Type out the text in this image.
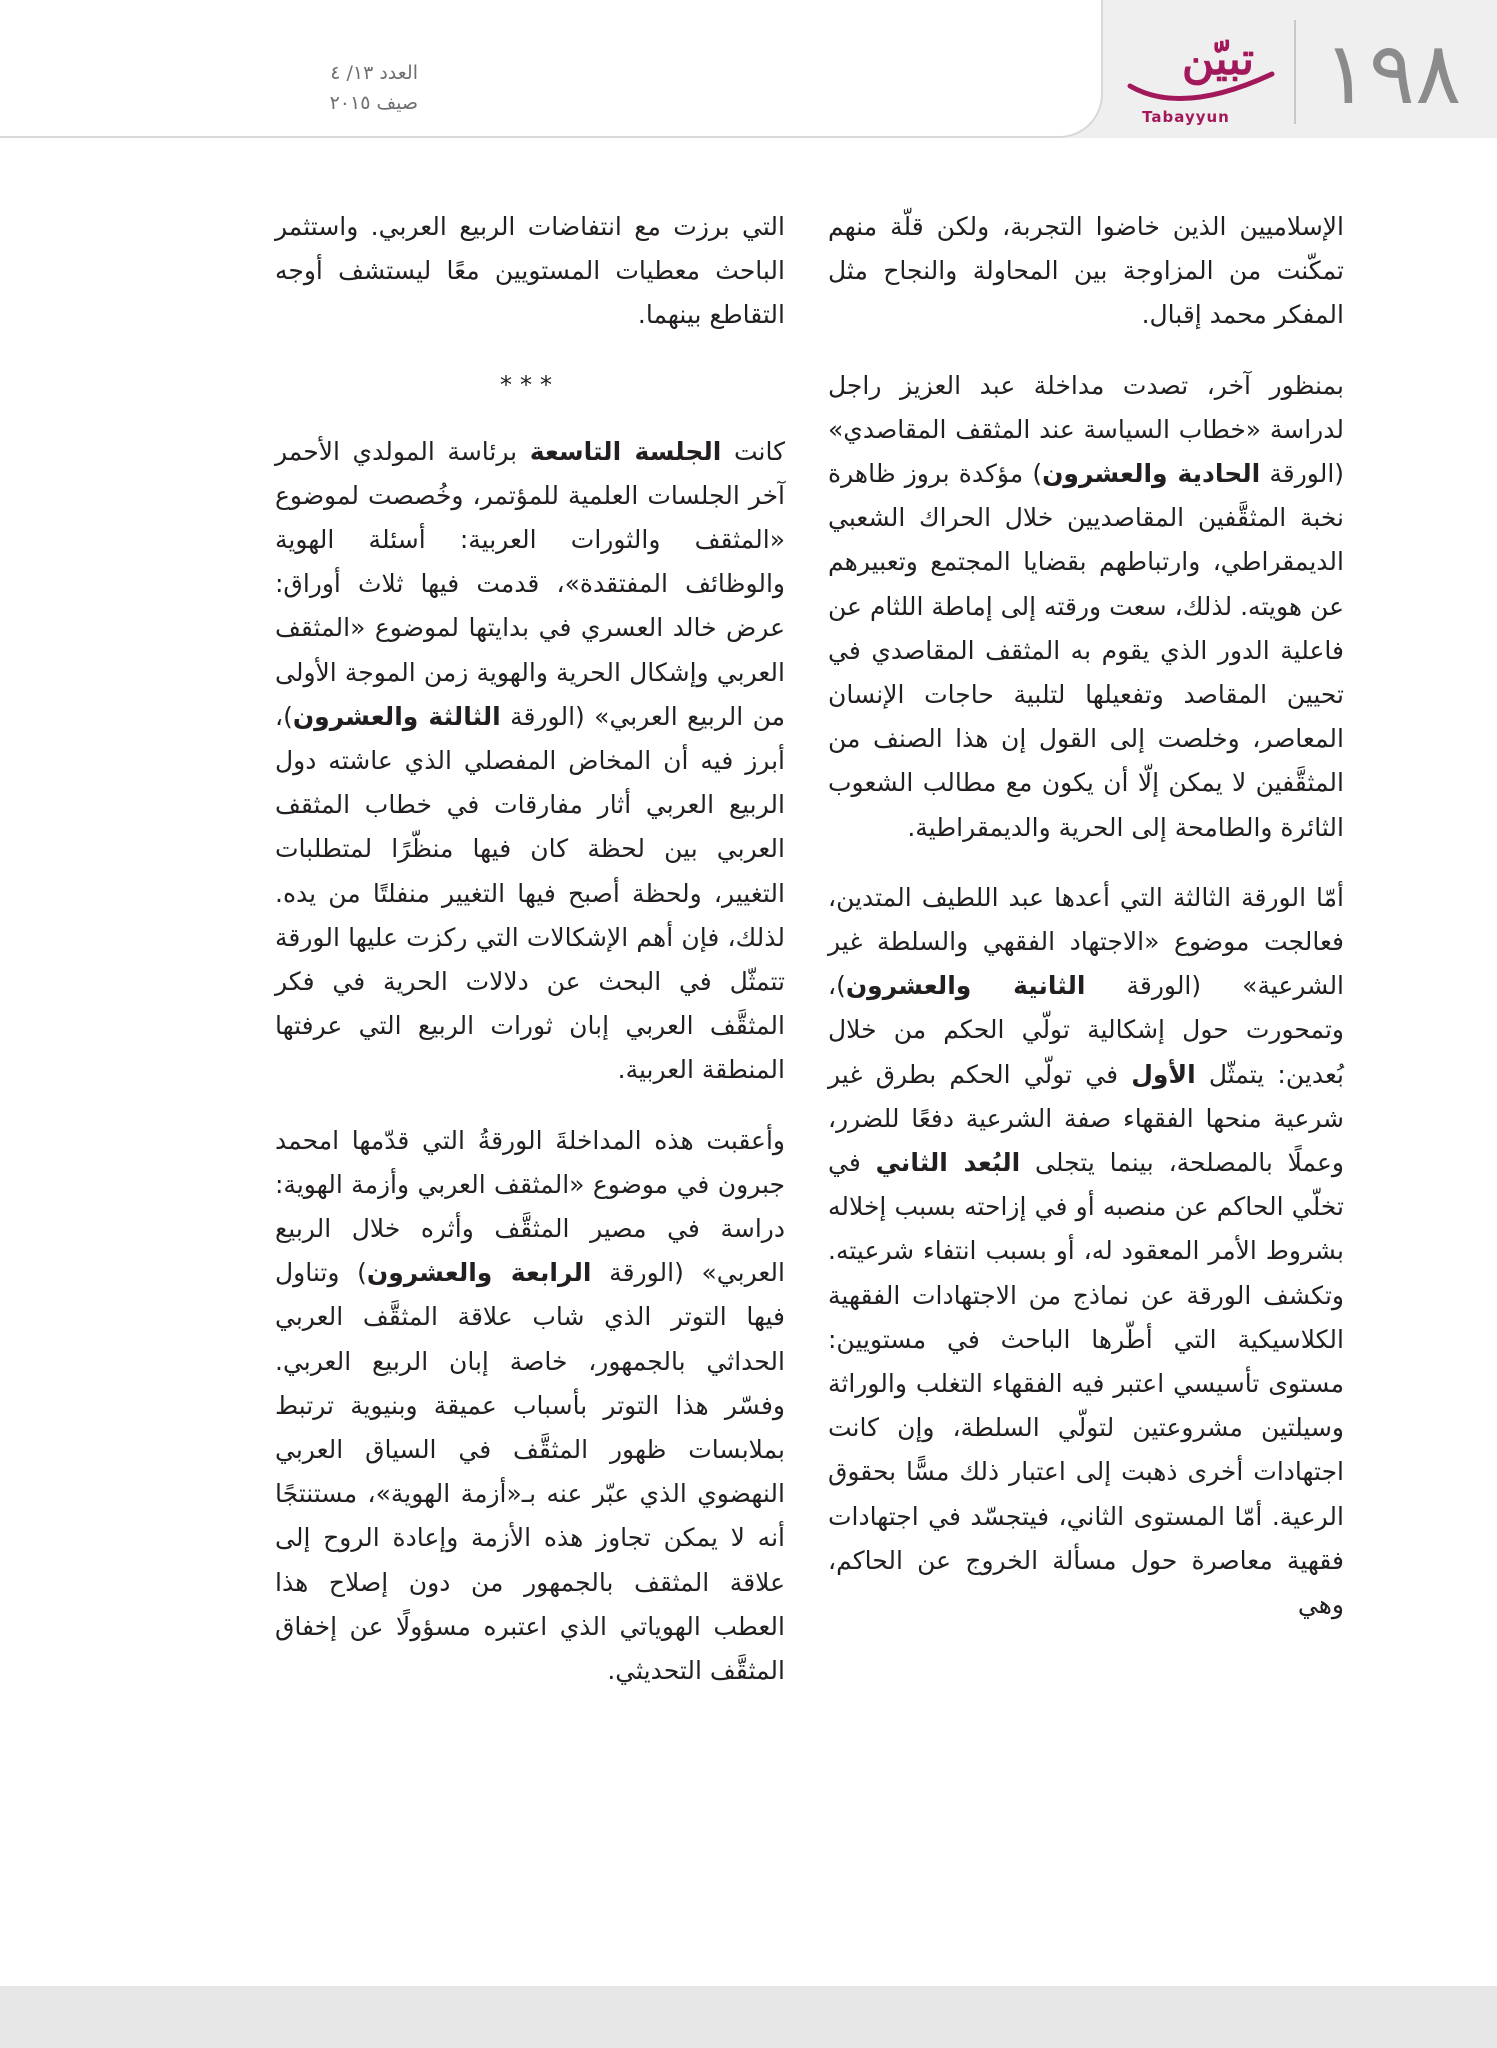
العدد ١٣/ ٤
صيف ٢٠١٥
تبيّن
Tabayyun ١٩٨

الإسلاميين الذين خاضوا التجربة، ولكن قلّة منهم تمكّنت من المزاوجة بين المحاولة والنجاح مثل المفكر محمد إقبال.

بمنظور آخر، تصدت مداخلة عبد العزيز راجل لدراسة «خطاب السياسة عند المثقف المقاصدي» (الورقة الحادية والعشرون) مؤكدة بروز ظاهرة نخبة المثقَّفين المقاصديين خلال الحراك الشعبي الديمقراطي، وارتباطهم بقضايا المجتمع وتعبيرهم عن هويته. لذلك، سعت ورقته إلى إماطة اللثام عن فاعلية الدور الذي يقوم به المثقف المقاصدي في تحيين المقاصد وتفعيلها لتلبية حاجات الإنسان المعاصر، وخلصت إلى القول إن هذا الصنف من المثقَّفين لا يمكن إلّا أن يكون مع مطالب الشعوب الثائرة والطامحة إلى الحرية والديمقراطية.

أمّا الورقة الثالثة التي أعدها عبد اللطيف المتدين، فعالجت موضوع «الاجتهاد الفقهي والسلطة غير الشرعية» (الورقة الثانية والعشرون)، وتمحورت حول إشكالية تولّي الحكم من خلال بُعدين: يتمثّل الأول في تولّي الحكم بطرق غير شرعية منحها الفقهاء صفة الشرعية دفعًا للضرر، وعملًا بالمصلحة، بينما يتجلى البُعد الثاني في تخلّي الحاكم عن منصبه أو في إزاحته بسبب إخلاله بشروط الأمر المعقود له، أو بسبب انتفاء شرعيته. وتكشف الورقة عن نماذج من الاجتهادات الفقهية الكلاسيكية التي أطّرها الباحث في مستويين: مستوى تأسيسي اعتبر فيه الفقهاء التغلب والوراثة وسيلتين مشروعتين لتولّي السلطة، وإن كانت اجتهادات أخرى ذهبت إلى اعتبار ذلك مسًّا بحقوق الرعية. أمّا المستوى الثاني، فيتجسّد في اجتهادات فقهية معاصرة حول مسألة الخروج عن الحاكم، وهي

التي برزت مع انتفاضات الربيع العربي. واستثمر الباحث معطيات المستويين معًا ليستشف أوجه التقاطع بينهما.

***

كانت الجلسة التاسعة برئاسة المولدي الأحمر آخر الجلسات العلمية للمؤتمر، وخُصصت لموضوع «المثقف والثورات العربية: أسئلة الهوية والوظائف المفتقدة»، قدمت فيها ثلاث أوراق: عرض خالد العسري في بدايتها لموضوع «المثقف العربي وإشكال الحرية والهوية زمن الموجة الأولى من الربيع العربي» (الورقة الثالثة والعشرون)، أبرز فيه أن المخاض المفصلي الذي عاشته دول الربيع العربي أثار مفارقات في خطاب المثقف العربي بين لحظة كان فيها منظّرًا لمتطلبات التغيير، ولحظة أصبح فيها التغيير منفلتًا من يده. لذلك، فإن أهم الإشكالات التي ركزت عليها الورقة تتمثّل في البحث عن دلالات الحرية في فكر المثقَّف العربي إبان ثورات الربيع التي عرفتها المنطقة العربية.

وأعقبت هذه المداخلةَ الورقةُ التي قدّمها امحمد جبرون في موضوع «المثقف العربي وأزمة الهوية: دراسة في مصير المثقَّف وأثره خلال الربيع العربي» (الورقة الرابعة والعشرون) وتناول فيها التوتر الذي شاب علاقة المثقَّف العربي الحداثي بالجمهور، خاصة إبان الربيع العربي. وفسّر هذا التوتر بأسباب عميقة وبنيوية ترتبط بملابسات ظهور المثقَّف في السياق العربي النهضوي الذي عبّر عنه بـ«أزمة الهوية»، مستنتجًا أنه لا يمكن تجاوز هذه الأزمة وإعادة الروح إلى علاقة المثقف بالجمهور من دون إصلاح هذا العطب الهوياتي الذي اعتبره مسؤولًا عن إخفاق المثقَّف التحديثي.
